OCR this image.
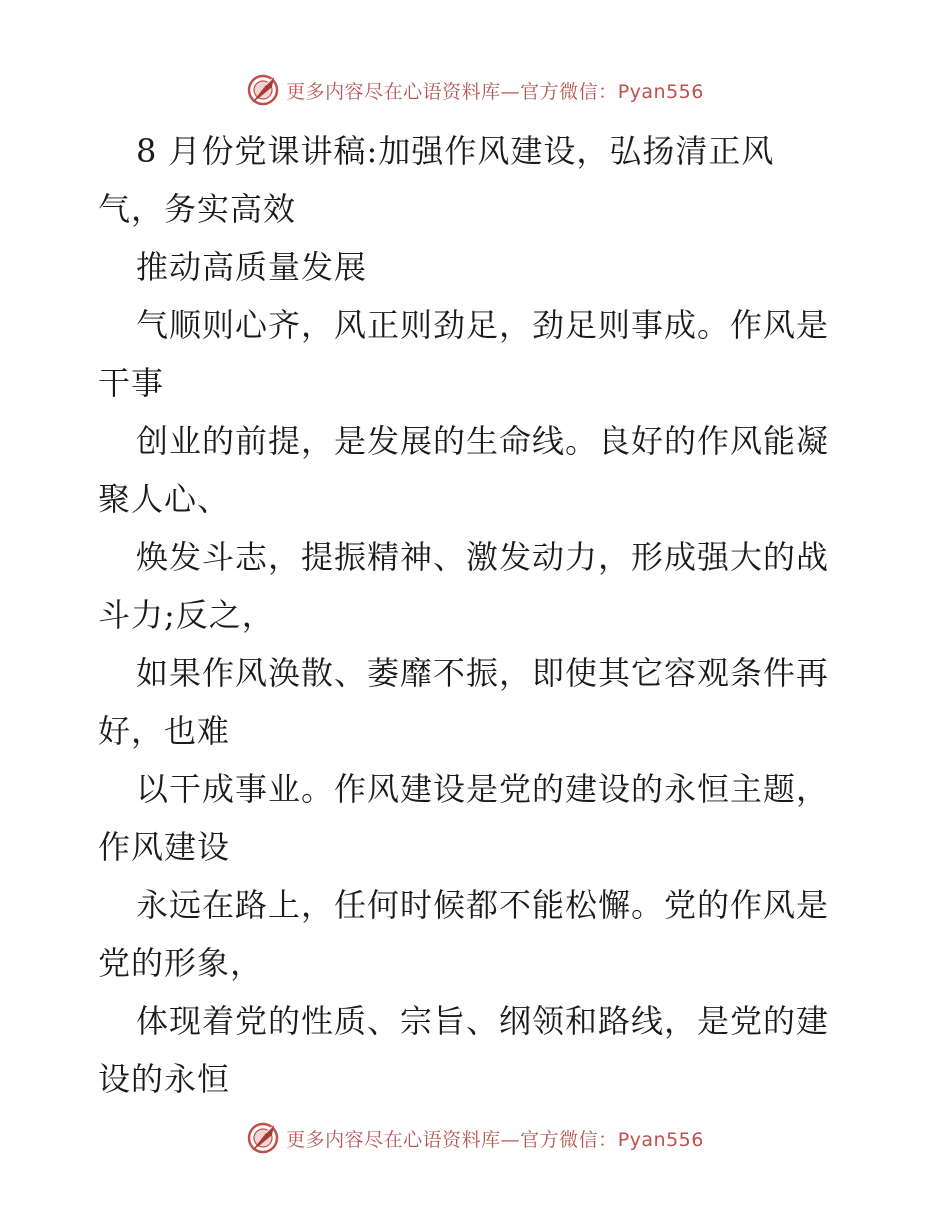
更多内容尽在心语资料库—官方微信：Pyan556
8 月份党课讲稿:加强作风建设，弘扬清正风
气，务实高效
推动高质量发展
气顺则心齐，风正则劲足，劲足则事成。作风是
干事
创业的前提，是发展的生命线。良好的作风能凝
聚人心、
焕发斗志，提振精神、激发动力，形成强大的战
斗力;反之，
如果作风涣散、萎靡不振，即使其它容观条件再
好，也难
以干成事业。作风建设是党的建设的永恒主题，
作风建设
永远在路上，任何时候都不能松懈。党的作风是
党的形象，
体现着党的性质、宗旨、纲领和路线，是党的建
设的永恒
更多内容尽在心语资料库—官方微信：Pyan556
